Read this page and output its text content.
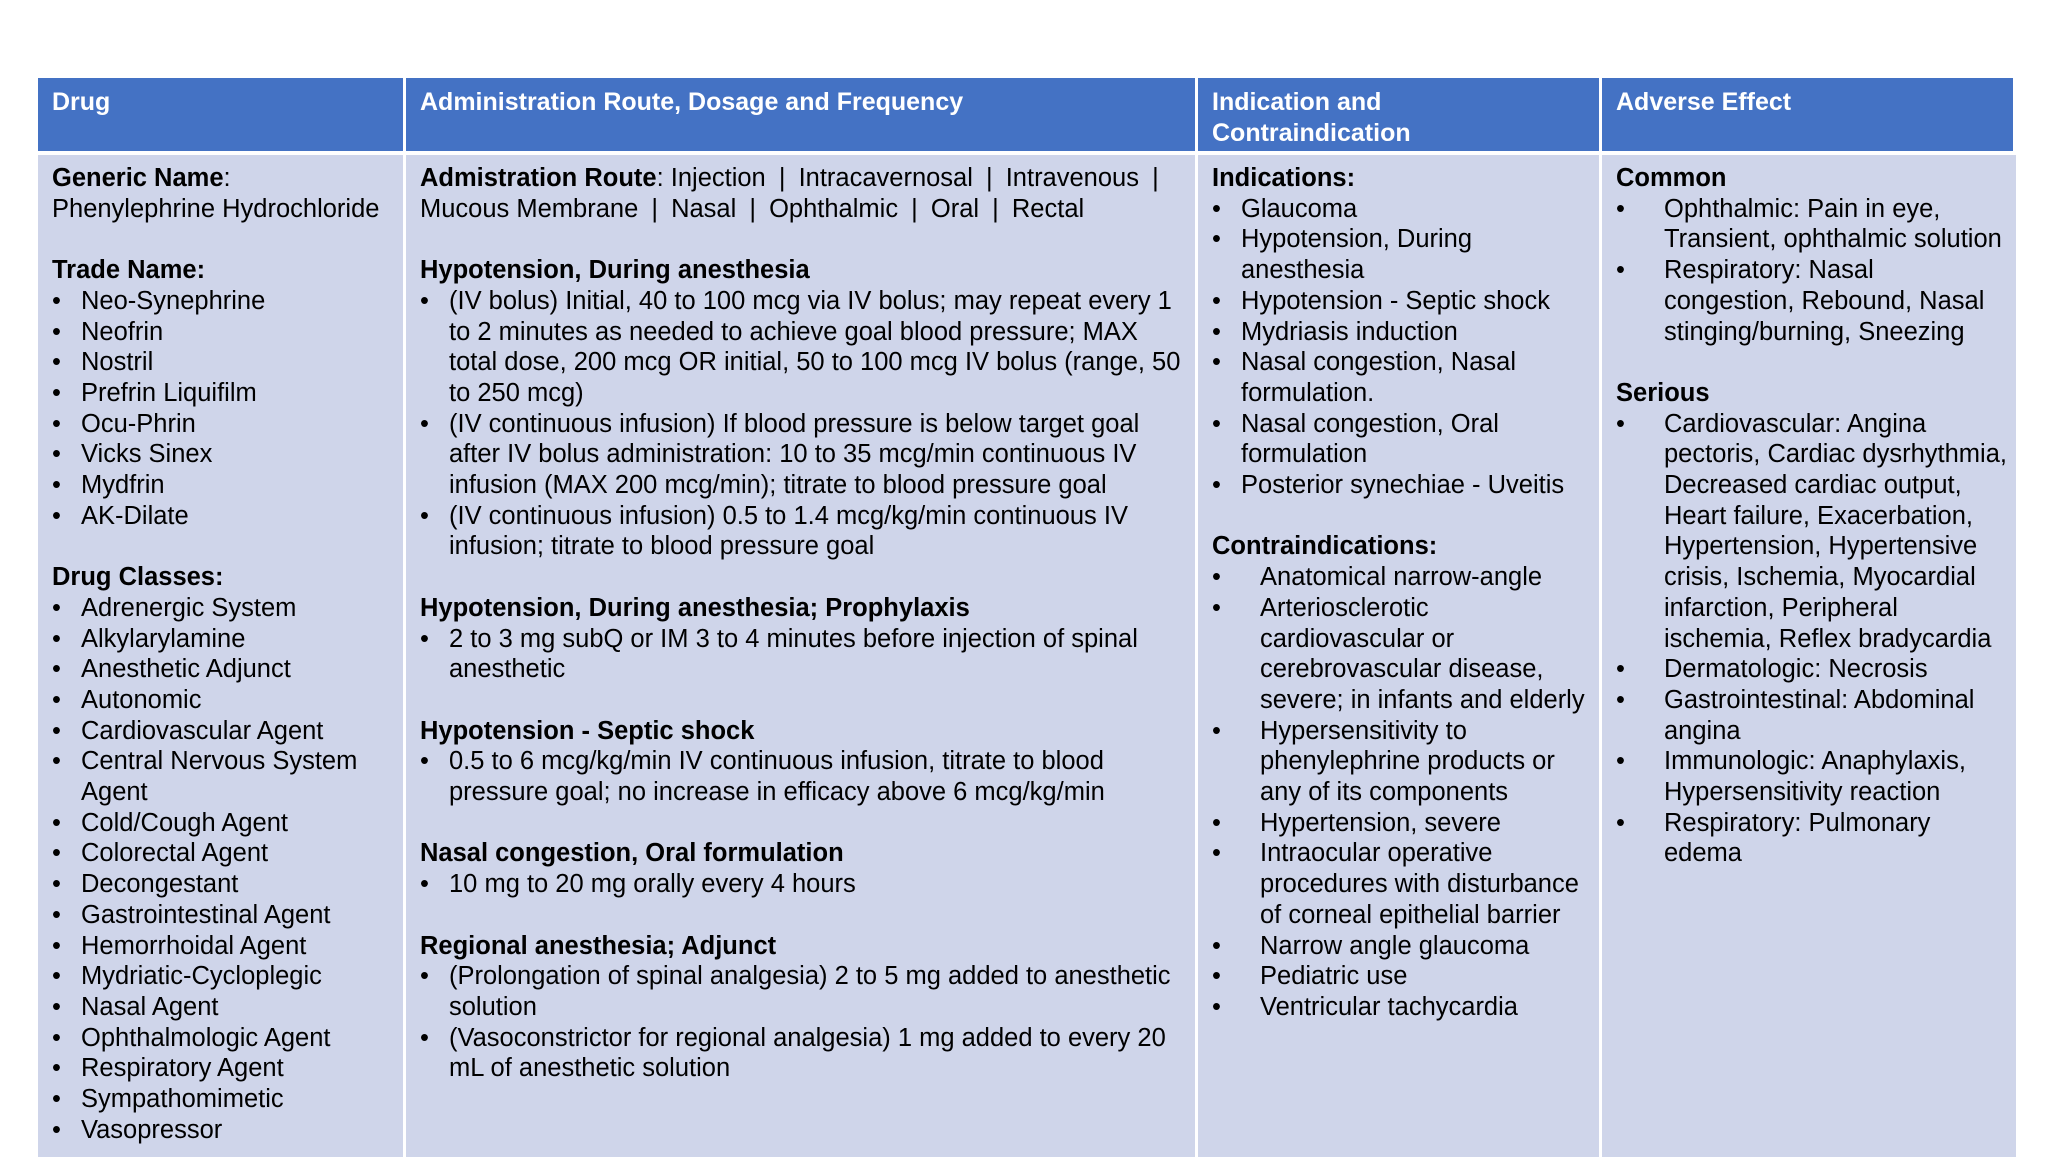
Drug	Administration Route, Dosage and Frequency	Indication and Contraindication
Adverse Effect
Generic Name:
Phenylephrine Hydrochloride
Trade Name:
• Neo-Synephrine
• Neofrin
• Nostril
• Prefrin Liquifilm
• Ocu-Phrin
• Vicks Sinex
• Mydfrin
• AK-Dilate
Drug Classes:
• Adrenergic System
• Alkylarylamine
• Anesthetic Adjunct
• Autonomic
• Cardiovascular Agent
• Central Nervous System Agent
• Cold/Cough Agent
• Colorectal Agent
• Decongestant
• Gastrointestinal Agent
• Hemorrhoidal Agent
• Mydriatic-Cycloplegic
• Nasal Agent
• Ophthalmologic Agent
• Respiratory Agent
• Sympathomimetic
• Vasopressor
Admistration Route: Injection | Intracavernosal | Intravenous | Mucous Membrane | Nasal | Ophthalmic | Oral | Rectal
Hypotension, During anesthesia
• (IV bolus) Initial, 40 to 100 mcg via IV bolus; may repeat every 1 to 2 minutes as needed to achieve goal blood pressure; MAX total dose, 200 mcg OR initial, 50 to 100 mcg IV bolus (range, 50 to 250 mcg)
• (IV continuous infusion) If blood pressure is below target goal after IV bolus administration: 10 to 35 mcg/min continuous IV infusion (MAX 200 mcg/min); titrate to blood pressure goal
• (IV continuous infusion) 0.5 to 1.4 mcg/kg/min continuous IV infusion; titrate to blood pressure goal
Hypotension, During anesthesia; Prophylaxis
• 2 to 3 mg subQ or IM 3 to 4 minutes before injection of spinal anesthetic
Hypotension - Septic shock
• 0.5 to 6 mcg/kg/min IV continuous infusion, titrate to blood pressure goal; no increase in efficacy above 6 mcg/kg/min
Nasal congestion, Oral formulation
• 10 mg to 20 mg orally every 4 hours
Regional anesthesia; Adjunct
• (Prolongation of spinal analgesia) 2 to 5 mg added to anesthetic solution
• (Vasoconstrictor for regional analgesia) 1 mg added to every 20 mL of anesthetic solution
Indications:
• Glaucoma
• Hypotension, During anesthesia
• Hypotension - Septic shock
• Mydriasis induction
• Nasal congestion, Nasal formulation.
• Nasal congestion, Oral formulation
• Posterior synechiae - Uveitis
Contraindications:
• Anatomical narrow-angle
• Arteriosclerotic cardiovascular or cerebrovascular disease, severe; in infants and elderly
• Hypersensitivity to phenylephrine products or any of its components
• Hypertension, severe
• Intraocular operative procedures with disturbance of corneal epithelial barrier
• Narrow angle glaucoma
• Pediatric use
• Ventricular tachycardia
Common
• Ophthalmic: Pain in eye, Transient, ophthalmic solution
• Respiratory: Nasal congestion, Rebound, Nasal stinging/burning, Sneezing
Serious
• Cardiovascular: Angina pectoris, Cardiac dysrhythmia, Decreased cardiac output, Heart failure, Exacerbation, Hypertension, Hypertensive crisis, Ischemia, Myocardial infarction, Peripheral ischemia, Reflex bradycardia
• Dermatologic: Necrosis
• Gastrointestinal: Abdominal angina
• Immunologic: Anaphylaxis, Hypersensitivity reaction
• Respiratory: Pulmonary edema
